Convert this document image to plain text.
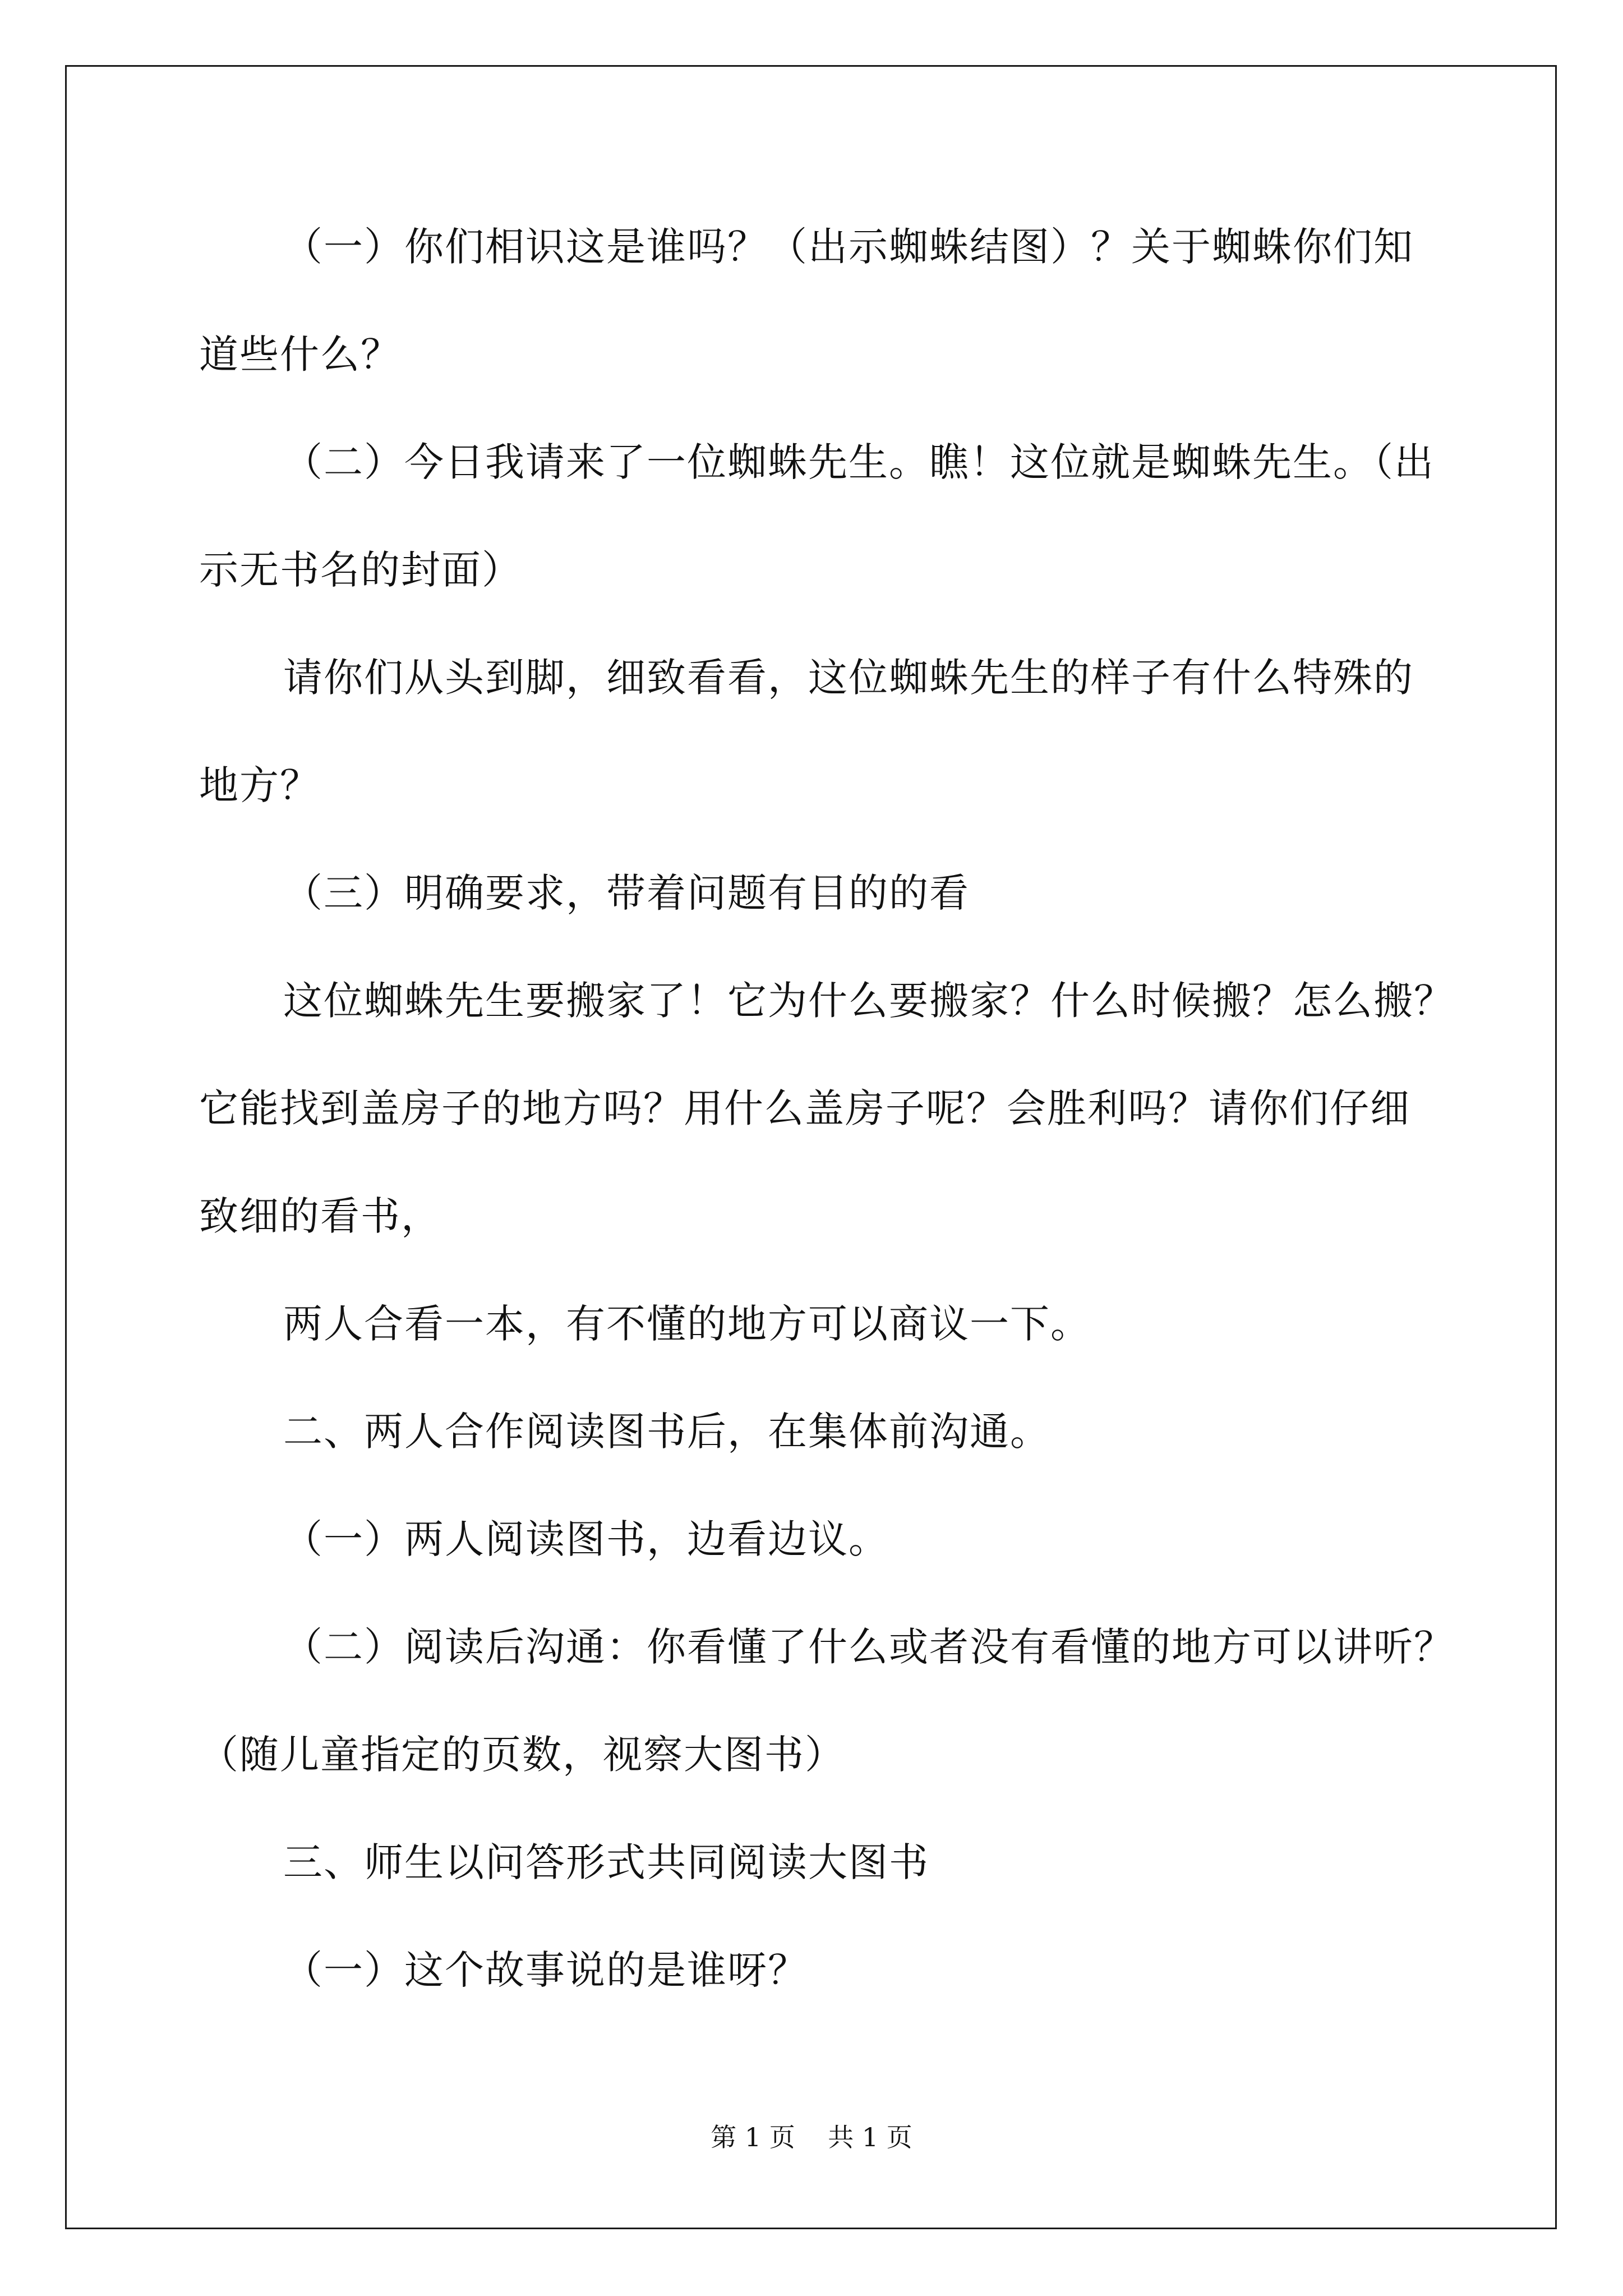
（一）你们相识这是谁吗？（出示蜘蛛结图）？关于蜘蛛你们知

道些什么？

（二）今日我请来了一位蜘蛛先生。瞧！这位就是蜘蛛先生。（出

示无书名的封面）

请你们从头到脚，细致看看，这位蜘蛛先生的样子有什么特殊的

地方？

（三）明确要求，带着问题有目的的看

这位蜘蛛先生要搬家了！它为什么要搬家？什么时候搬？怎么搬？

它能找到盖房子的地方吗？用什么盖房子呢？会胜利吗？请你们仔细

致细的看书，

两人合看一本，有不懂的地方可以商议一下。

二、两人合作阅读图书后，在集体前沟通。

（一）两人阅读图书，边看边议。

（二）阅读后沟通：你看懂了什么或者没有看懂的地方可以讲听？

（随儿童指定的页数，视察大图书）

三、师生以问答形式共同阅读大图书

（一）这个故事说的是谁呀？

第 1 页 共 1 页
